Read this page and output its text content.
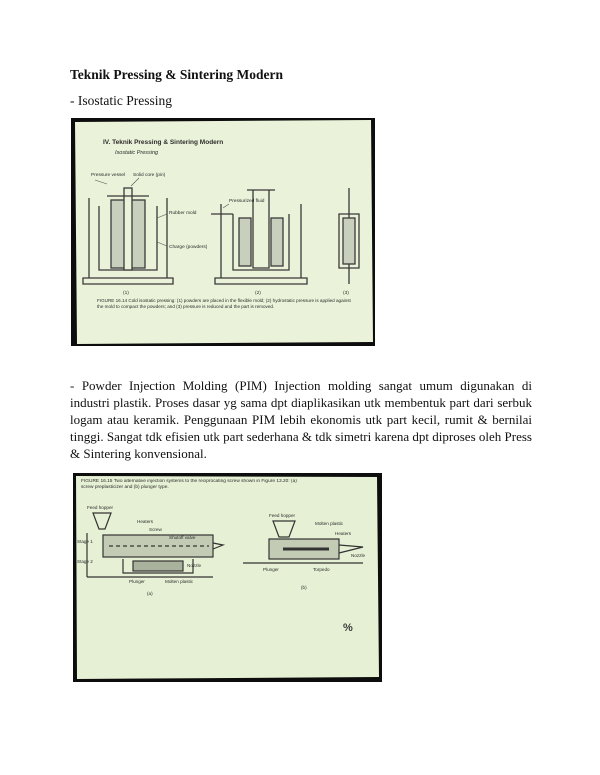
Teknik Pressing & Sintering Modern

- Isostatic Pressing

IV. Teknik Pressing & Sintering Modern
Isostatic Pressing
Pressure vessel Solid core (pin)
Rubber mold
Charge (powders)
Pressurized fluid
(1)	(2)	(3)
FIGURE 16.14 Cold isostatic pressing: (1) powders are placed in the flexible mold; (2) hydrostatic pressure is applied against the mold to compact the powders; and (3) pressure is reduced and the part is removed.

- Powder Injection Molding (PIM) Injection molding sangat umum digunakan di industri plastik. Proses dasar yg sama dpt diaplikasikan utk membentuk part dari serbuk logam atau keramik. Penggunaan PIM lebih ekonomis utk part kecil, rumit & bernilai tinggi. Sangat tdk efisien utk part sederhana & tdk simetri karena dpt diproses oleh Press & Sintering konvensional.

FIGURE 16.15 Two alternative injection systems to the reciprocating screw shown in Figure 13.20: (a) screw preplasticizer and (b) plunger type.
Feed hopper
Heaters
Screw
Shutoff valve
Nozzle
Stage 1
Stage 2
Plunger	Molten plastic
Feed hopper
Molten plastic
Heaters
Nozzle
Plunger	Torpedo
(a)
(b)
%
